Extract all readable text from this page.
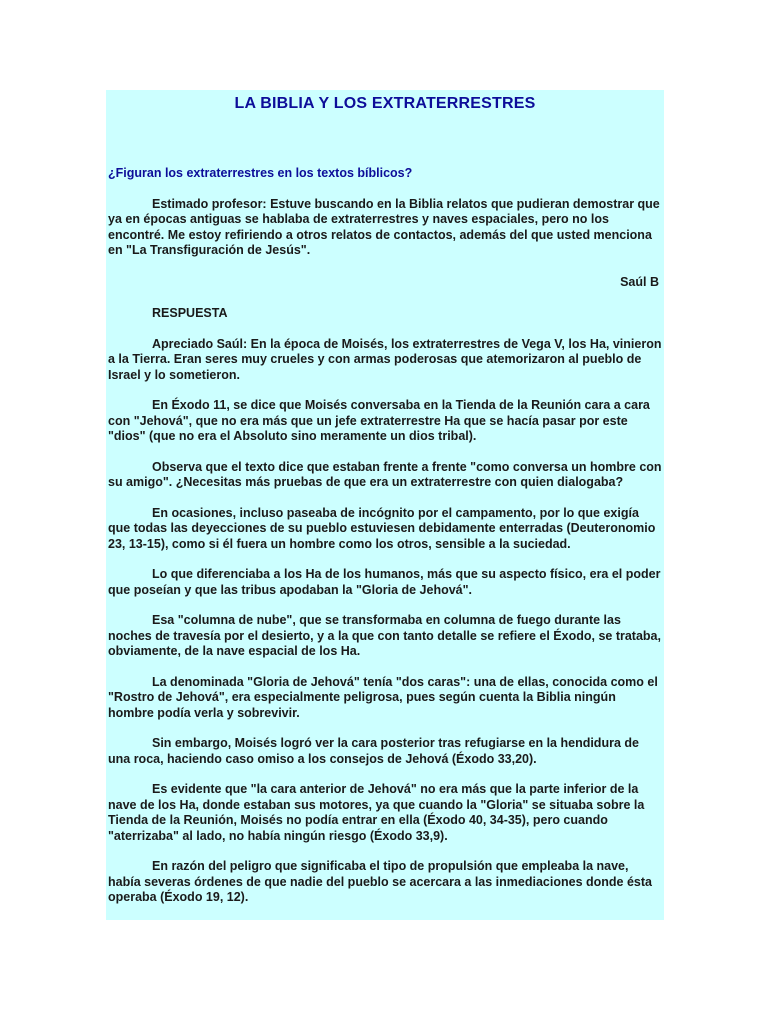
LA BIBLIA Y LOS EXTRATERRESTRES
¿Figuran los extraterrestres en los textos bíblicos?
Estimado profesor: Estuve buscando en la Biblia relatos que pudieran demostrar que ya en épocas antiguas se hablaba de extraterrestres y naves espaciales, pero no los encontré. Me estoy refiriendo a otros relatos de contactos, además del que usted menciona en "La Transfiguración de Jesús".
Saúl B
RESPUESTA
Apreciado Saúl: En la época de Moisés, los extraterrestres de Vega V, los Ha, vinieron a la Tierra. Eran seres muy crueles y con armas poderosas que atemorizaron al pueblo de Israel y lo sometieron.
En Éxodo 11, se dice que Moisés conversaba en la Tienda de la Reunión cara a cara con "Jehová", que no era más que un jefe extraterrestre Ha que se hacía pasar por este "dios" (que no era el Absoluto sino meramente un dios tribal).
Observa que el texto dice que estaban frente a frente "como conversa un hombre con su amigo". ¿Necesitas más pruebas de que era un extraterrestre con quien dialogaba?
En ocasiones, incluso paseaba de incógnito por el campamento, por lo que exigía que todas las deyecciones de su pueblo estuviesen debidamente enterradas (Deuteronomio 23, 13-15), como si él fuera un hombre como los otros, sensible a la suciedad.
Lo que diferenciaba a los Ha de los humanos, más que su aspecto físico, era el poder que poseían y que las tribus apodaban la "Gloria de Jehová".
Esa "columna de nube", que se transformaba en columna de fuego durante las noches de travesía por el desierto, y a la que con tanto detalle se refiere el Éxodo, se trataba, obviamente, de la nave espacial de los Ha.
La denominada "Gloria de Jehová" tenía "dos caras": una de ellas, conocida como el "Rostro de Jehová", era especialmente peligrosa, pues según cuenta la Biblia ningún hombre podía verla y sobrevivir.
Sin embargo, Moisés logró ver la cara posterior tras refugiarse en la hendidura de una roca, haciendo caso omiso a los consejos de Jehová (Éxodo 33,20).
Es evidente que "la cara anterior de Jehová" no era más que la parte inferior de la nave de los Ha, donde estaban sus motores, ya que cuando la "Gloria" se situaba sobre la Tienda de la Reunión, Moisés no podía entrar en ella (Éxodo 40, 34-35), pero cuando "aterrizaba" al lado, no había ningún riesgo (Éxodo 33,9).
En razón del peligro que significaba el tipo de propulsión que empleaba la nave, había severas órdenes de que nadie del pueblo se acercara a las inmediaciones donde ésta operaba (Éxodo 19, 12).
